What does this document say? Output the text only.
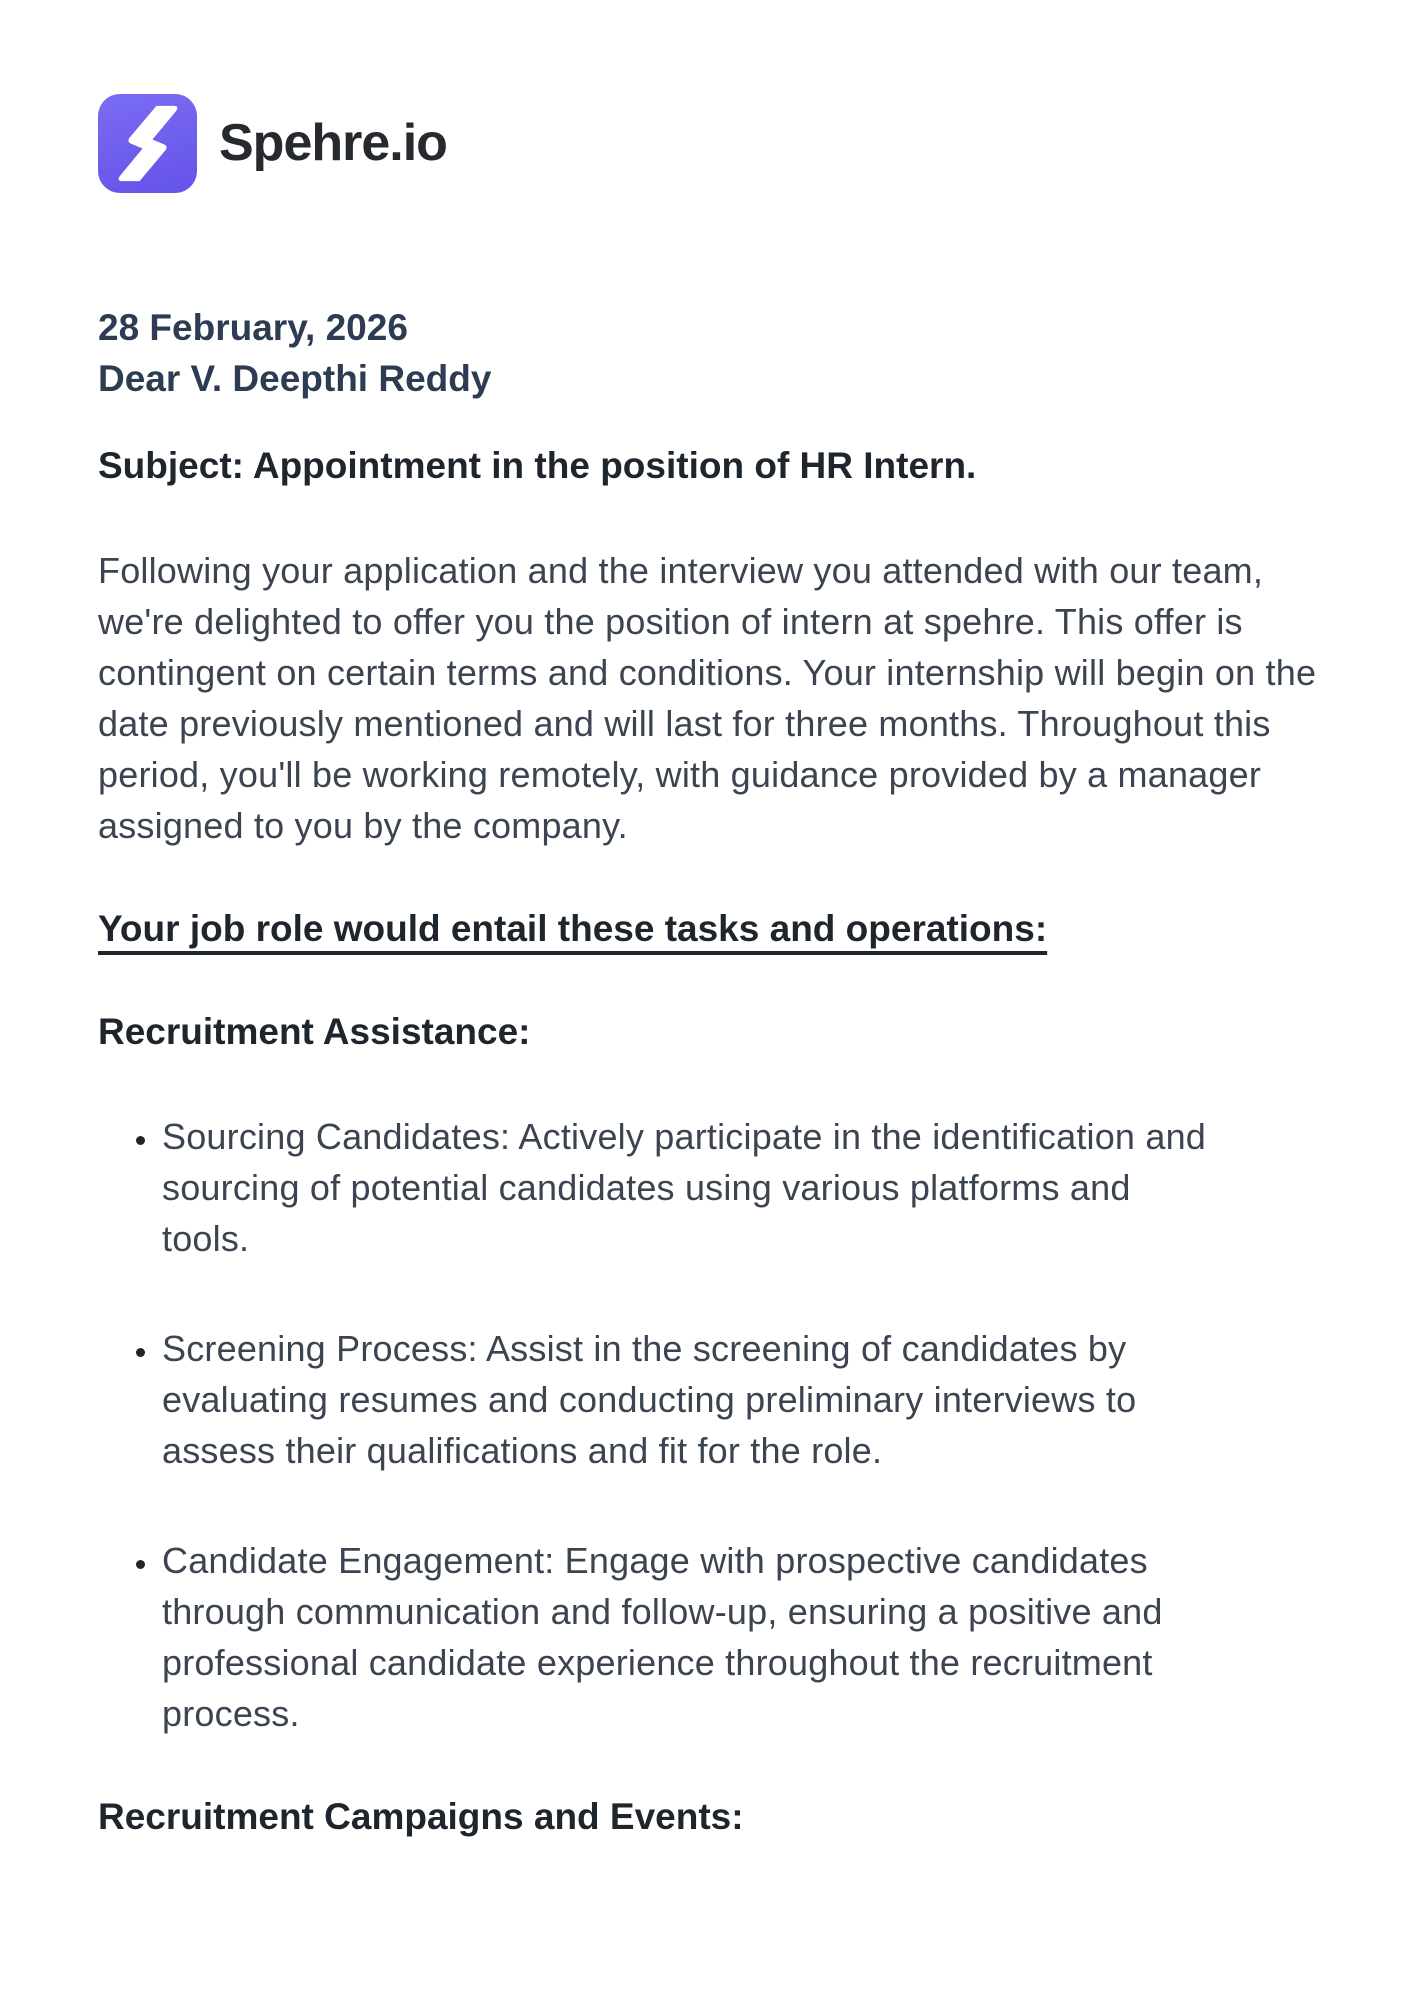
Spehre.io

28 February, 2026

Dear V. Deepthi Reddy

Subject: Appointment in the position of HR Intern.

Following your application and the interview you attended with our team, we're delighted to offer you the position of intern at spehre. This offer is contingent on certain terms and conditions. Your internship will begin on the date previously mentioned and will last for three months. Throughout this period, you'll be working remotely, with guidance provided by a manager assigned to you by the company.

Your job role would entail these tasks and operations:
Recruitment Assistance:
• Sourcing Candidates: Actively participate in the identification and sourcing of potential candidates using various platforms and tools.
• Screening Process: Assist in the screening of candidates by evaluating resumes and conducting preliminary interviews to assess their qualifications and fit for the role.
• Candidate Engagement: Engage with prospective candidates through communication and follow-up, ensuring a positive and professional candidate experience throughout the recruitment process.
Recruitment Campaigns and Events:
